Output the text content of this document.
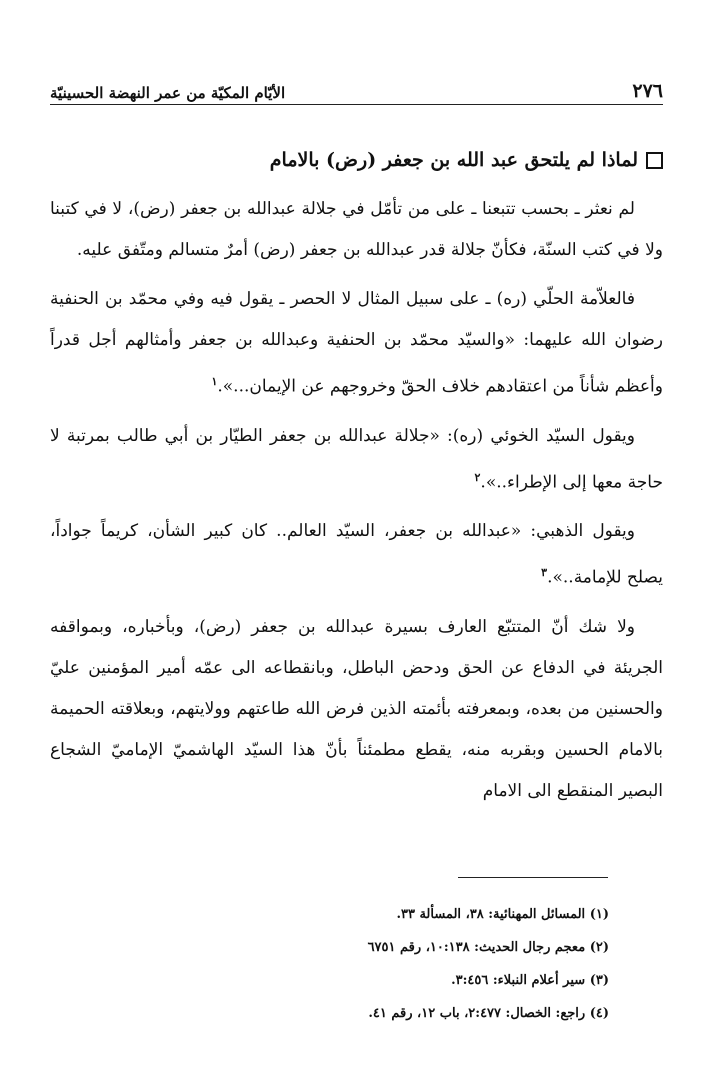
٢٧٦
الأيّام المكيّة من عمر النهضة الحسينيّة
لماذا لم يلتحق عبد الله بن جعفر (رض) بالامام

لم نعثر ـ بحسب تتبعنا ـ على من تأمّل في جلالة عبدالله بن جعفر (رض)، لا في كتبنا ولا في كتب السنّة، فكأنّ جلالة قدر عبدالله بن جعفر (رض) أمرٌ متسالم ومتّفق عليه.

فالعلاّمة الحلّي (ره) ـ على سبيل المثال لا الحصر ـ يقول فيه وفي محمّد بن الحنفية رضوان الله عليهما: «والسيّد محمّد بن الحنفية وعبدالله بن جعفر وأمثالهم أجل قدراً وأعظم شأناً من اعتقادهم خلاف الحقّ وخروجهم عن الإيمان...».$^١$

ويقول السيّد الخوئي (ره): «جلالة عبدالله بن جعفر الطيّار بن أبي طالب بمرتبة لا حاجة معها إلى الإطراء..».$^٢$

ويقول الذهبي: «عبدالله بن جعفر، السيّد العالم.. كان كبير الشأن، كريماً جواداً، يصلح للإمامة..».$^٣$

ولا شك أنّ المتتبّع العارف بسيرة عبدالله بن جعفر (رض)، وبأخباره، وبمواقفه الجريئة في الدفاع عن الحق ودحض الباطل، وبانقطاعه الى عمّه أمير المؤمنين عليّ والحسنين من بعده، وبمعرفته بأئمته الذين فرض الله طاعتهم وولايتهم، وبعلاقته الحميمة بالامام الحسين وبقربه منه، يقطع مطمئناً بأنّ هذا السيّد الهاشميّ الإماميّ الشجاع البصير المنقطع الى الامام

(١) المسائل المهنائية: ٣٨، المسألة ٣٣.
(٢) معجم رجال الحديث: ١٠:١٣٨، رقم ٦٧٥١
(٣) سير أعلام النبلاء: ٣:٤٥٦.
(٤) راجع: الخصال: ٢:٤٧٧، باب ١٢، رقم ٤١.
